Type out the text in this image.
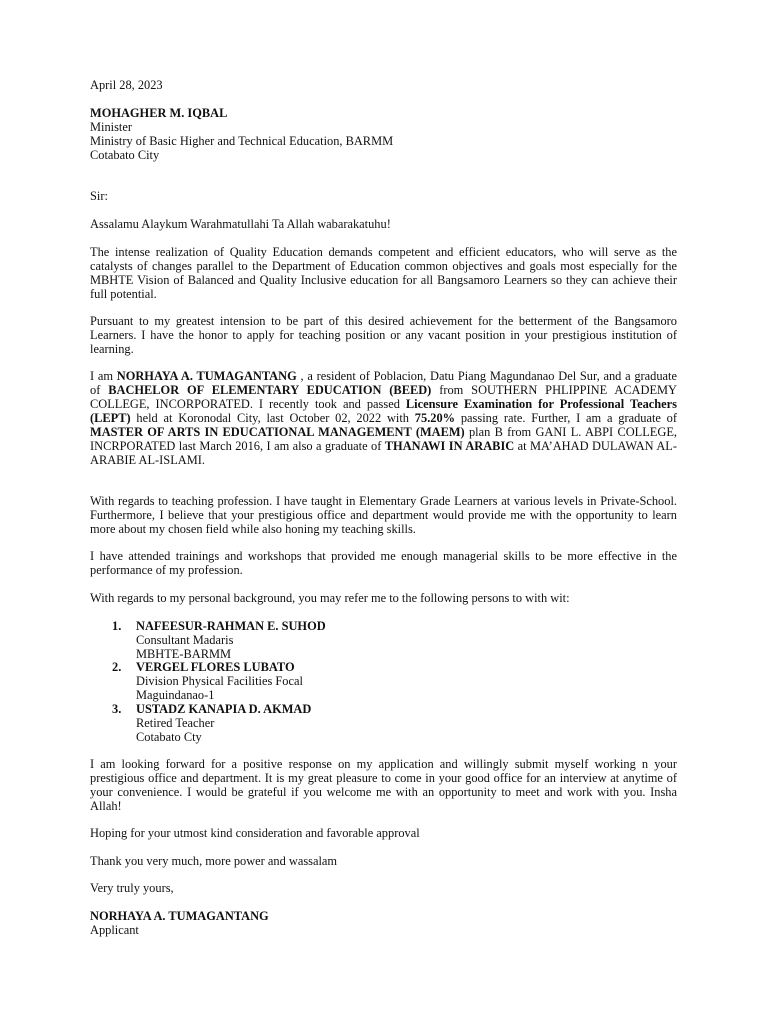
April 28, 2023

MOHAGHER M. IQBAL
Minister
Ministry of Basic Higher and Technical Education, BARMM
Cotabato City

Sir:

Assalamu Alaykum Warahmatullahi Ta Allah wabarakatuhu!

The intense realization of Quality Education demands competent and efficient educators, who will serve as the catalysts of changes parallel to the Department of Education common objectives and goals most especially for the MBHTE Vision of Balanced and Quality Inclusive education for all Bangsamoro Learners so they can achieve their full potential.

Pursuant to my greatest intension to be part of this desired achievement for the betterment of the Bangsamoro Learners. I have the honor to apply for teaching position or any vacant position in your prestigious institution of learning.

I am NORHAYA A. TUMAGANTANG , a resident of Poblacion, Datu Piang Magundanao Del Sur, and a graduate of BACHELOR OF ELEMENTARY EDUCATION (BEED) from SOUTHERN PHLIPPINE ACADEMY COLLEGE, INCORPORATED. I recently took and passed Licensure Examination for Professional Teachers (LEPT) held at Koronodal City, last October 02, 2022 with 75.20% passing rate. Further, I am a graduate of MASTER OF ARTS IN EDUCATIONAL MANAGEMENT (MAEM) plan B from GANI L. ABPI COLLEGE, INCRPORATED last March 2016, I am also a graduate of THANAWI IN ARABIC at MA’AHAD DULAWAN AL-ARABIE AL-ISLAMI.

With regards to teaching profession. I have taught in Elementary Grade Learners at various levels in Private-School. Furthermore, I believe that your prestigious office and department would provide me with the opportunity to learn more about my chosen field while also honing my teaching skills.

I have attended trainings and workshops that provided me enough managerial skills to be more effective in the performance of my profession.

With regards to my personal background, you may refer me to the following persons to with wit:

1.	NAFEESUR-RAHMAN E. SUHOD
Consultant Madaris
MBHTE-BARMM
2.	VERGEL FLORES LUBATO
Division Physical Facilities Focal
Maguindanao-1
3.	USTADZ KANAPIA D. AKMAD
Retired Teacher
Cotabato Cty

I am looking forward for a positive response on my application and willingly submit myself working n your prestigious office and department. It is my great pleasure to come in your good office for an interview at anytime of your convenience. I would be grateful if you welcome me with an opportunity to meet and work with you. Insha Allah!

Hoping for your utmost kind consideration and favorable approval

Thank you very much, more power and wassalam

Very truly yours,

NORHAYA A. TUMAGANTANG
Applicant
